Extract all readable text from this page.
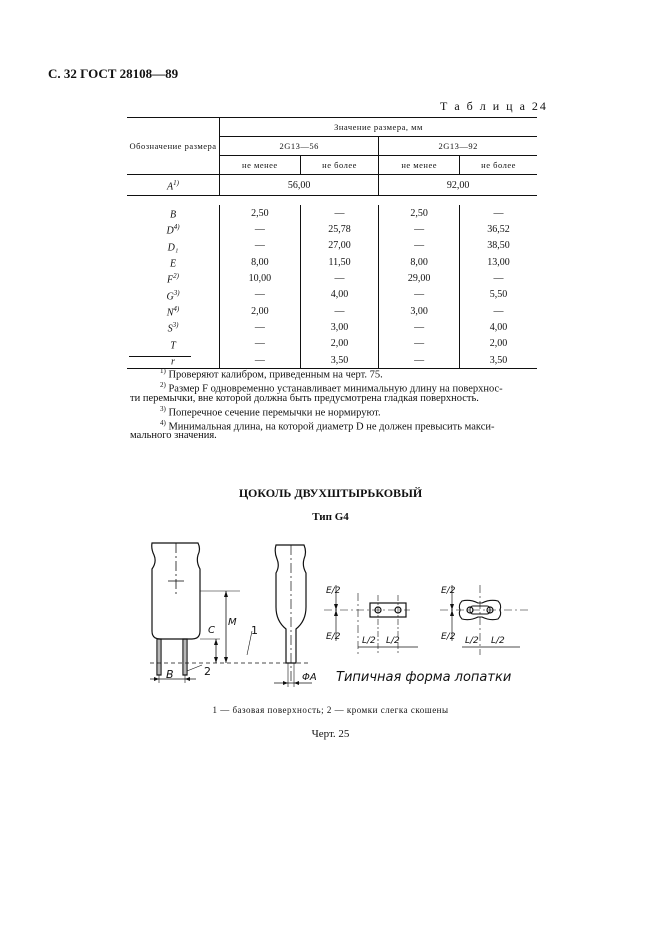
С. 32 ГОСТ 28108—89
Т а б л и ц а 24
Обозначение размера	Значение размера, мм			
	2G13—56		2G13—92	
	не менее	не более	не менее	не более
$A^{1)}$	56,00		92,00	

B	2,50	—	2,50	—
$D^{4)}$	—	25,78	—	36,52
D₁	—	27,00	—	38,50
E	8,00	11,50	8,00	13,00
$F^{2)}$	10,00	—	29,00	—
$G^{3)}$	—	4,00	—	5,50
$N^{4)}$	2,00	—	3,00	—
$S^{3)}$	—	3,00	—	4,00
T	—	2,00	—	2,00
r	—	3,50	—	3,50
$^{1)}$ Проверяют калибром, приведенным на черт. 75.
$^{2)}$ Размер F одновременно устанавливает минимальную длину на поверхнос-
ти перемычки, вне которой должна быть предусмотрена гладкая поверхность.
$^{3)}$ Поперечное сечение перемычки не нормируют.
$^{4)}$ Минимальная длина, на которой диаметр D не должен превысить макси-
мального значения.
ЦОКОЛЬ ДВУХШТЫРЬКОВЫЙ
Тип G4
B
C
M
2
1
ΦA
E/2
E/2 L/2 L/2
E/2
E/2 L/2 L/2
Типичная форма лопатки
1 — базовая поверхность; 2 — кромки слегка скошены
Черт. 25
